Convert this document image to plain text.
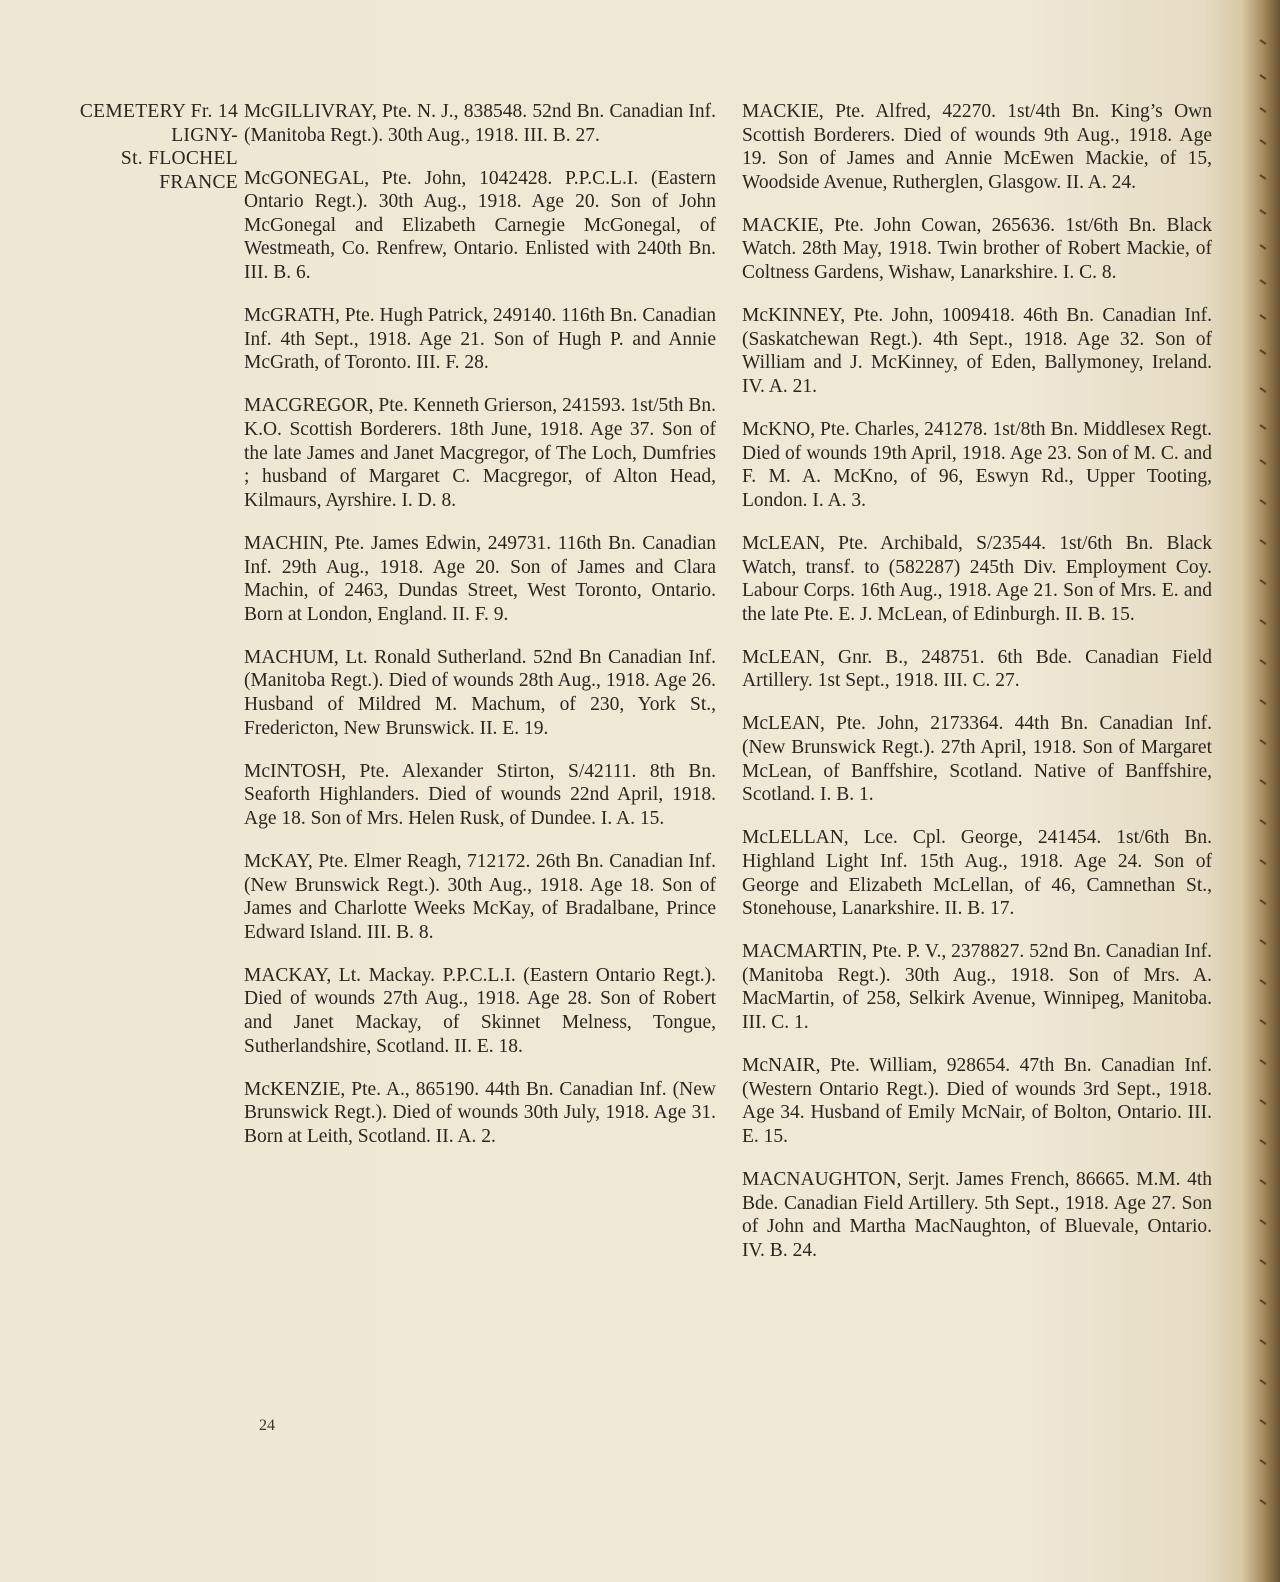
CEMETERY Fr. 14
LIGNY-
St. FLOCHEL
FRANCE

McGILLIVRAY, Pte. N. J., 838548. 52nd Bn. Canadian Inf. (Manitoba Regt.). 30th Aug., 1918. III. B. 27.

McGONEGAL, Pte. John, 1042428. P.P.C.L.I. (Eastern Ontario Regt.). 30th Aug., 1918. Age 20. Son of John McGonegal and Elizabeth Carnegie McGonegal, of Westmeath, Co. Renfrew, Ontario. Enlisted with 240th Bn. III. B. 6.

McGRATH, Pte. Hugh Patrick, 249140. 116th Bn. Canadian Inf. 4th Sept., 1918. Age 21. Son of Hugh P. and Annie McGrath, of Toronto. III. F. 28.

MACGREGOR, Pte. Kenneth Grierson, 241593. 1st/5th Bn. K.O. Scottish Borderers. 18th June, 1918. Age 37. Son of the late James and Janet Macgregor, of The Loch, Dumfries ; husband of Margaret C. Macgregor, of Alton Head, Kilmaurs, Ayrshire. I. D. 8.

MACHIN, Pte. James Edwin, 249731. 116th Bn. Canadian Inf. 29th Aug., 1918. Age 20. Son of James and Clara Machin, of 2463, Dundas Street, West Toronto, Ontario. Born at London, England. II. F. 9.

MACHUM, Lt. Ronald Sutherland. 52nd Bn Canadian Inf. (Manitoba Regt.). Died of wounds 28th Aug., 1918. Age 26. Husband of Mildred M. Machum, of 230, York St., Fredericton, New Brunswick. II. E. 19.

McINTOSH, Pte. Alexander Stirton, S/42111. 8th Bn. Seaforth Highlanders. Died of wounds 22nd April, 1918. Age 18. Son of Mrs. Helen Rusk, of Dundee. I. A. 15.

McKAY, Pte. Elmer Reagh, 712172. 26th Bn. Canadian Inf. (New Brunswick Regt.). 30th Aug., 1918. Age 18. Son of James and Charlotte Weeks McKay, of Bradalbane, Prince Edward Island. III. B. 8.

MACKAY, Lt. Mackay. P.P.C.L.I. (Eastern Ontario Regt.). Died of wounds 27th Aug., 1918. Age 28. Son of Robert and Janet Mackay, of Skinnet Melness, Tongue, Sutherlandshire, Scotland. II. E. 18.

McKENZIE, Pte. A., 865190. 44th Bn. Canadian Inf. (New Brunswick Regt.). Died of wounds 30th July, 1918. Age 31. Born at Leith, Scotland. II. A. 2.

MACKIE, Pte. Alfred, 42270. 1st/4th Bn. King’s Own Scottish Borderers. Died of wounds 9th Aug., 1918. Age 19. Son of James and Annie McEwen Mackie, of 15, Woodside Avenue, Rutherglen, Glasgow. II. A. 24.

MACKIE, Pte. John Cowan, 265636. 1st/6th Bn. Black Watch. 28th May, 1918. Twin brother of Robert Mackie, of Coltness Gardens, Wishaw, Lanarkshire. I. C. 8.

McKINNEY, Pte. John, 1009418. 46th Bn. Canadian Inf. (Saskatchewan Regt.). 4th Sept., 1918. Age 32. Son of William and J. McKinney, of Eden, Ballymoney, Ireland. IV. A. 21.

McKNO, Pte. Charles, 241278. 1st/8th Bn. Middlesex Regt. Died of wounds 19th April, 1918. Age 23. Son of M. C. and F. M. A. McKno, of 96, Eswyn Rd., Upper Tooting, London. I. A. 3.

McLEAN, Pte. Archibald, S/23544. 1st/6th Bn. Black Watch, transf. to (582287) 245th Div. Employment Coy. Labour Corps. 16th Aug., 1918. Age 21. Son of Mrs. E. and the late Pte. E. J. McLean, of Edinburgh. II. B. 15.

McLEAN, Gnr. B., 248751. 6th Bde. Canadian Field Artillery. 1st Sept., 1918. III. C. 27.

McLEAN, Pte. John, 2173364. 44th Bn. Canadian Inf. (New Brunswick Regt.). 27th April, 1918. Son of Margaret McLean, of Banffshire, Scotland. Native of Banffshire, Scotland. I. B. 1.

McLELLAN, Lce. Cpl. George, 241454. 1st/6th Bn. Highland Light Inf. 15th Aug., 1918. Age 24. Son of George and Elizabeth McLellan, of 46, Camnethan St., Stonehouse, Lanarkshire. II. B. 17.

MACMARTIN, Pte. P. V., 2378827. 52nd Bn. Canadian Inf. (Manitoba Regt.). 30th Aug., 1918. Son of Mrs. A. MacMartin, of 258, Selkirk Avenue, Winnipeg, Manitoba. III. C. 1.

McNAIR, Pte. William, 928654. 47th Bn. Canadian Inf. (Western Ontario Regt.). Died of wounds 3rd Sept., 1918. Age 34. Husband of Emily McNair, of Bolton, Ontario. III. E. 15.

MACNAUGHTON, Serjt. James French, 86665. M.M. 4th Bde. Canadian Field Artillery. 5th Sept., 1918. Age 27. Son of John and Martha MacNaughton, of Bluevale, Ontario. IV. B. 24.

24
